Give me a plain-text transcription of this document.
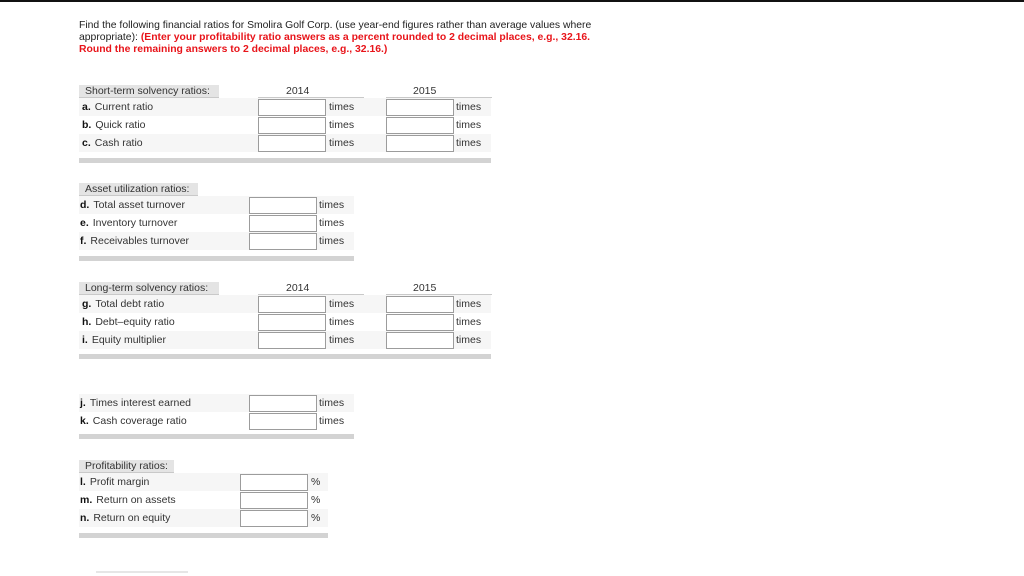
Find the following financial ratios for Smolira Golf Corp. (use year-end figures rather than average values where appropriate): (Enter your profitability ratio answers as a percent rounded to 2 decimal places, e.g., 32.16. Round the remaining answers to 2 decimal places, e.g., 32.16.)
Short-term solvency ratios:	2014	2015
a. Current ratio	times	times
b. Quick ratio	times	times
c. Cash ratio	times	times
Asset utilization ratios:
d. Total asset turnover	times
e. Inventory turnover	times
f. Receivables turnover	times
Long-term solvency ratios:	2014	2015
g. Total debt ratio	times	times
h. Debt–equity ratio	times	times
i. Equity multiplier	times	times
j. Times interest earned	times
k. Cash coverage ratio	times
Profitability ratios:
l. Profit margin	%
m. Return on assets	%
n. Return on equity	%
